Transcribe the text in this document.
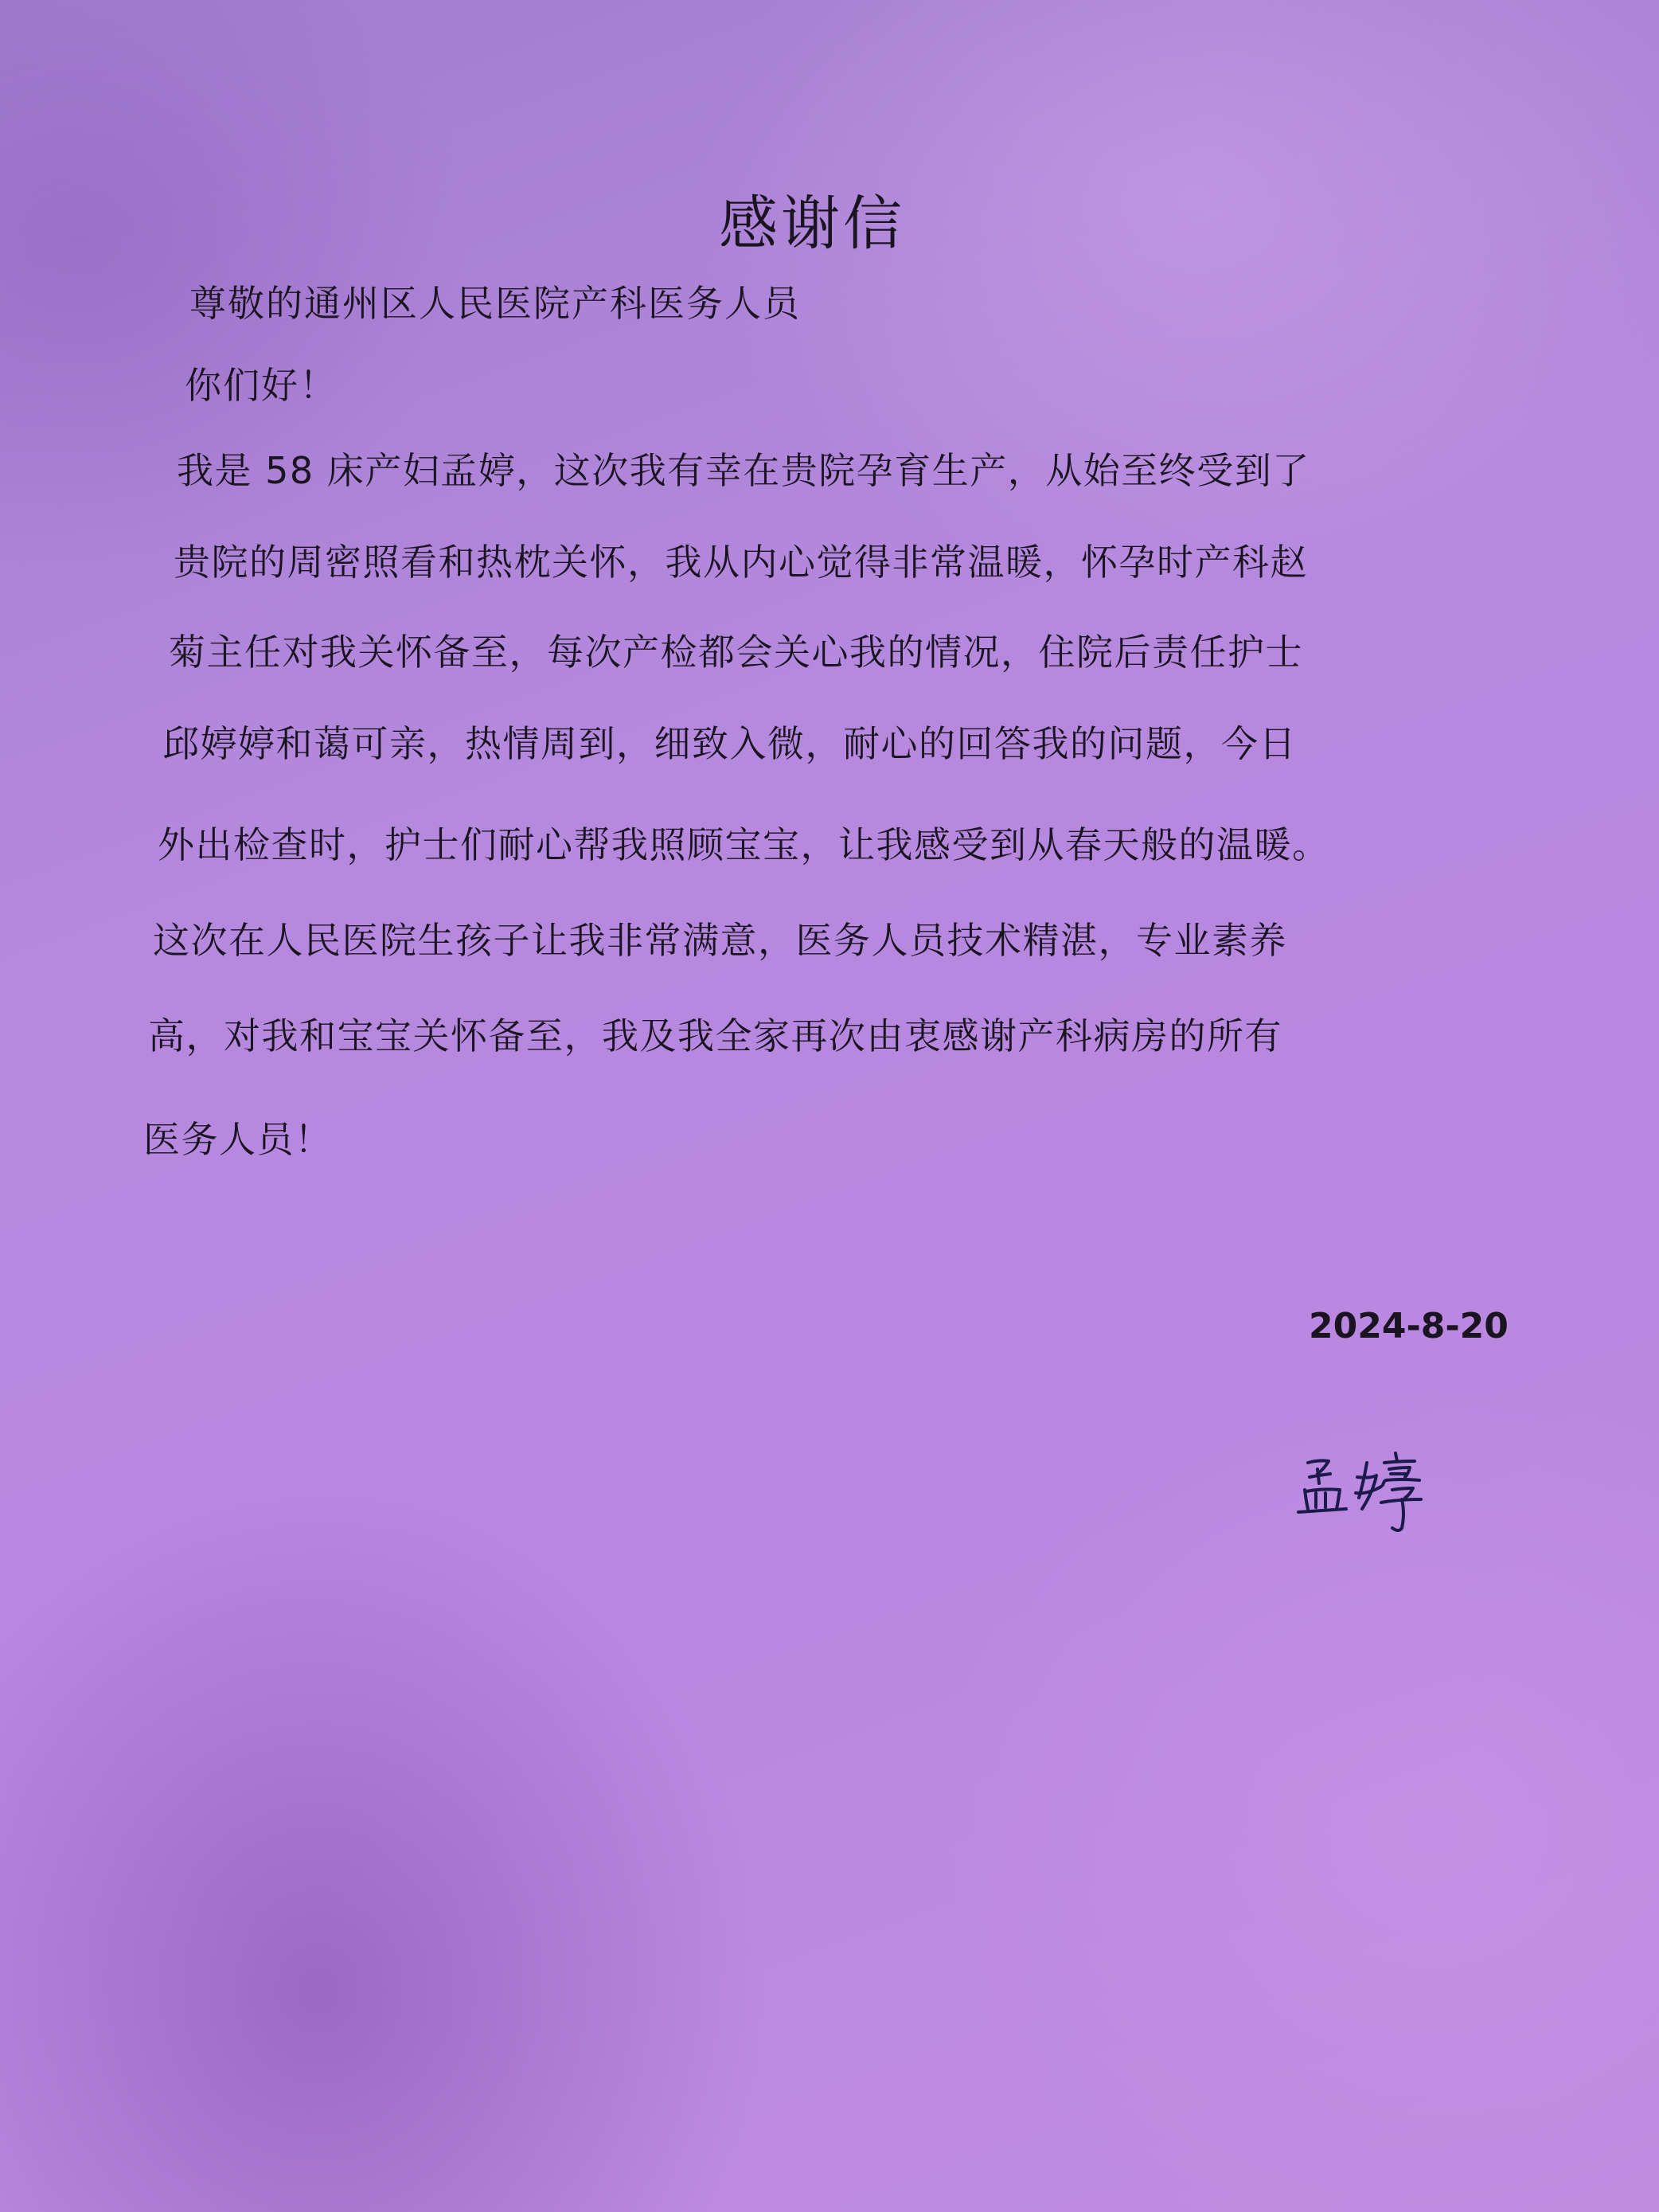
感谢信

尊敬的通州区人民医院产科医务人员

你们好！

我是 58 床产妇孟婷，这次我有幸在贵院孕育生产，从始至终受到了

贵院的周密照看和热枕关怀，我从内心觉得非常温暖，怀孕时产科赵

菊主任对我关怀备至，每次产检都会关心我的情况，住院后责任护士

邱婷婷和蔼可亲，热情周到，细致入微，耐心的回答我的问题，今日

外出检查时，护士们耐心帮我照顾宝宝，让我感受到从春天般的温暖。

这次在人民医院生孩子让我非常满意，医务人员技术精湛，专业素养

高，对我和宝宝关怀备至，我及我全家再次由衷感谢产科病房的所有

医务人员！

2024-8-20
